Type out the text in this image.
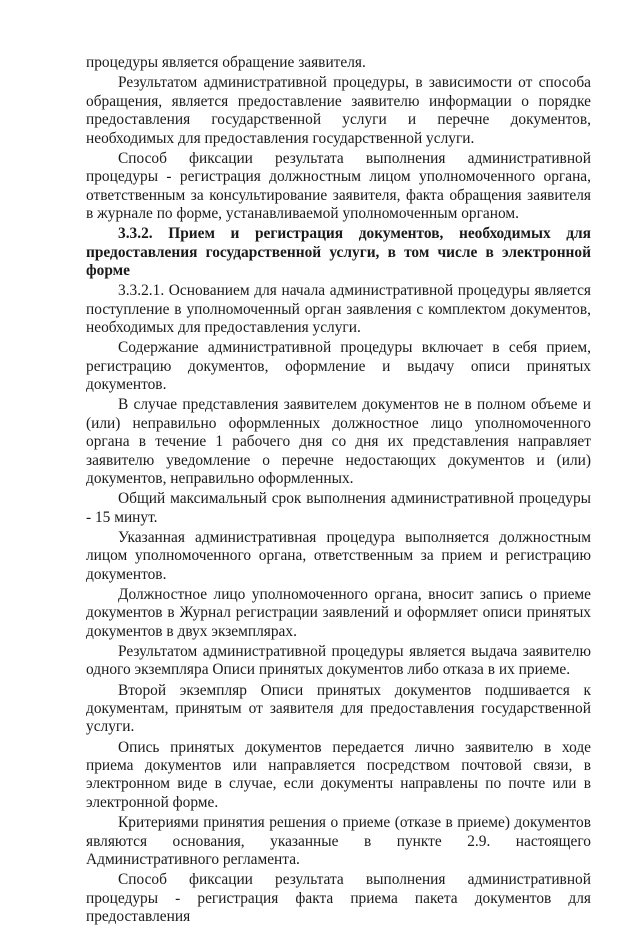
процедуры является обращение заявителя.

Результатом административной процедуры, в зависимости от способа обращения, является предоставление заявителю информации о порядке предоставления государственной услуги и перечне документов, необходимых для предоставления государственной услуги.

Способ фиксации результата выполнения административной процедуры - регистрация должностным лицом уполномоченного органа, ответственным за консультирование заявителя, факта обращения заявителя в журнале по форме, устанавливаемой уполномоченным органом.

3.3.2. Прием и регистрация документов, необходимых для предоставления государственной услуги, в том числе в электронной форме

3.3.2.1. Основанием для начала административной процедуры является поступление в уполномоченный орган заявления с комплектом документов, необходимых для предоставления услуги.

Содержание административной процедуры включает в себя прием, регистрацию документов, оформление и выдачу описи принятых документов.

В случае представления заявителем документов не в полном объеме и (или) неправильно оформленных должностное лицо уполномоченного органа в течение 1 рабочего дня со дня их представления направляет заявителю уведомление о перечне недостающих документов и (или) документов, неправильно оформленных.

Общий максимальный срок выполнения административной процедуры - 15 минут.

Указанная административная процедура выполняется должностным лицом уполномоченного органа, ответственным за прием и регистрацию документов.

Должностное лицо уполномоченного органа, вносит запись о приеме документов в Журнал регистрации заявлений и оформляет описи принятых документов в двух экземплярах.

Результатом административной процедуры является выдача заявителю одного экземпляра Описи принятых документов либо отказа в их приеме.

Второй экземпляр Описи принятых документов подшивается к документам, принятым от заявителя для предоставления государственной услуги.

Опись принятых документов передается лично заявителю в ходе приема документов или направляется посредством почтовой связи, в электронном виде в случае, если документы направлены по почте или в электронной форме.

Критериями принятия решения о приеме (отказе в приеме) документов являются основания, указанные в пункте 2.9. настоящего Административного регламента.

Способ фиксации результата выполнения административной процедуры - регистрация факта приема пакета документов для предоставления
